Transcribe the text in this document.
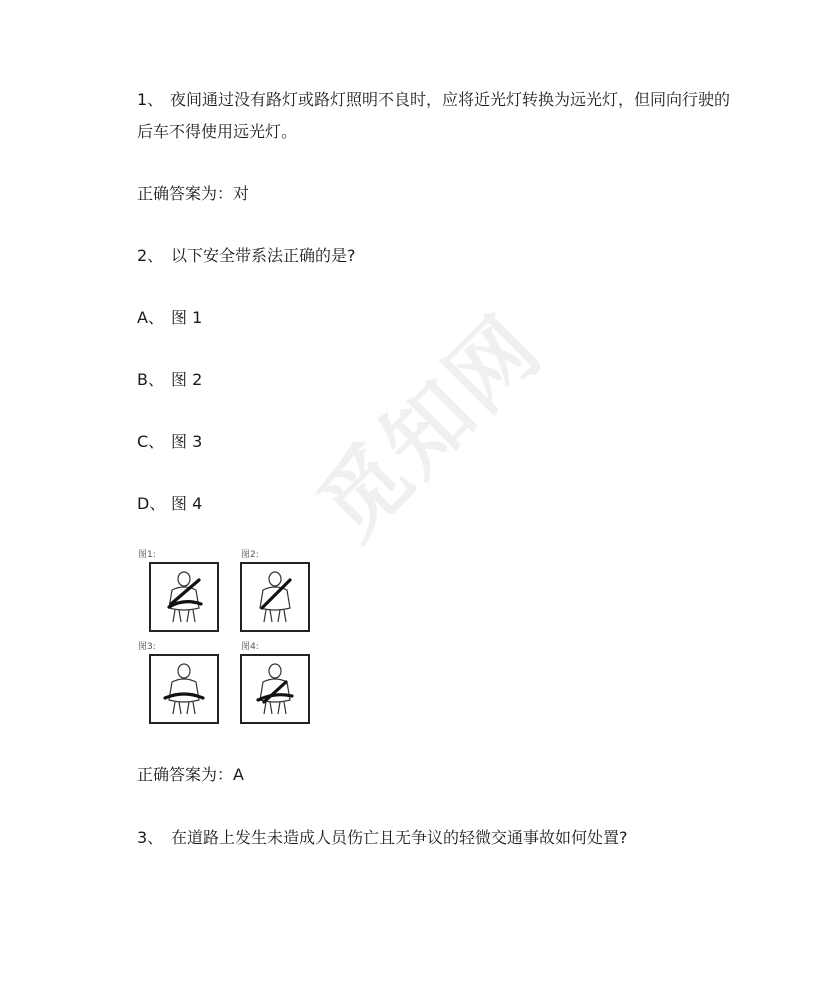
觅知网
1、 夜间通过没有路灯或路灯照明不良时，应将近光灯转换为远光灯，但同向行驶的
后车不得使用远光灯。
正确答案为：对
2、 以下安全带系法正确的是?
A、 图 1
B、 图 2
C、 图 3
D、 图 4
图1:	图2:
图3:	图4:
正确答案为：A
3、 在道路上发生未造成人员伤亡且无争议的轻微交通事故如何处置?
